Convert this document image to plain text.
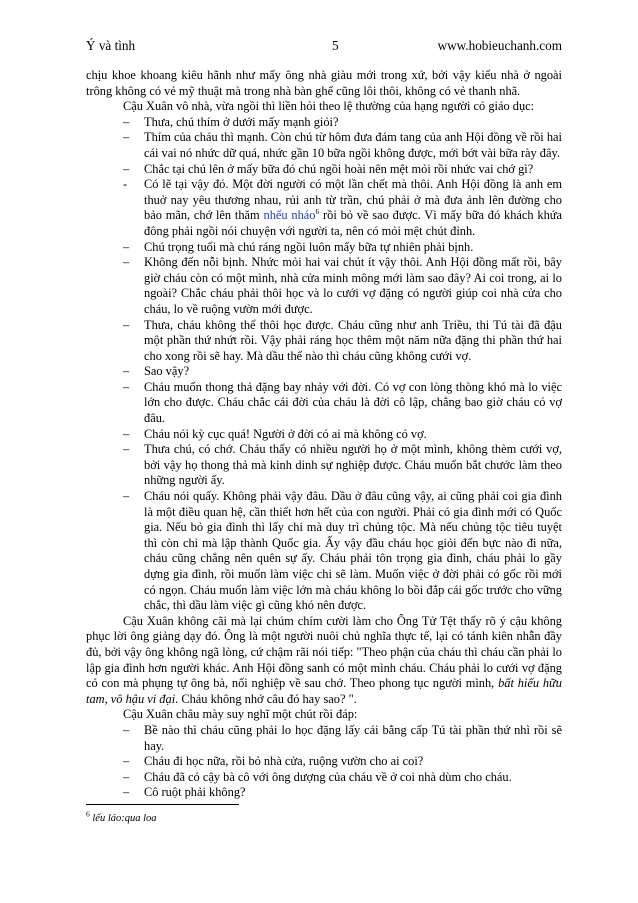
Ý và tình	5	www.hobieuchanh.com

chịu khoe khoang kiêu hãnh như mấy ông nhà giàu mới trong xứ, bởi vậy kiểu nhà ở ngoài trông không có vẻ mỹ thuật mà trong nhà bàn ghế cũng lôi thôi, không có vẻ thanh nhã.

Cậu Xuân vô nhà, vừa ngồi thì liền hỏi theo lệ thường của hạng người có giáo dục:

– Thưa, chú thím ở dưới mấy mạnh giỏi?
– Thím của cháu thì mạnh. Còn chú từ hôm đưa đám tang của anh Hội đồng về rồi hai cái vai nó nhức dữ quá, nhức gần 10 bữa ngồi không được, mới bớt vài bữa rày đây.
– Chắc tại chú lên ở mấy bữa đó chú ngồi hoài nên mệt mỏi rồi nhức vai chớ gì?
- Có lẽ tại vậy đó. Một đời người có một lần chết mà thôi. Anh Hội đồng là anh em thuở nay yêu thương nhau, rủi anh từ trần, chú phải ở mà đưa ảnh lên đường cho bảo mãn, chớ lên thăm nhếu nháo$^6$ rồi bỏ về sao được. Vì mấy bữa đó khách khứa đông phải ngồi nói chuyện với người ta, nên có mỏi mệt chút đỉnh.
– Chú trọng tuổi mà chú ráng ngồi luôn mấy bữa tự nhiên phải bịnh.
– Không đến nỗi bịnh. Nhức mỏi hai vai chút ít vậy thôi. Anh Hội đồng mất rồi, bây giờ cháu còn có một mình, nhà cửa minh mông mới làm sao đây? Ai coi trong, ai lo ngoài? Chắc cháu phải thôi học và lo cưới vợ đặng có người giúp coi nhà cửa cho cháu, lo về ruộng vườn mới được.
– Thưa, cháu không thể thôi học được. Cháu cũng như anh Triều, thi Tú tài đã đậu một phần thứ nhứt rồi. Vậy phải ráng học thêm một năm nữa đặng thi phần thứ hai cho xong rồi sẽ hay. Mà dầu thế nào thì cháu cũng không cưới vợ.
– Sao vậy?
– Cháu muốn thong thả đặng bay nhảy với đời. Có vợ con lòng thòng khó mà lo việc lớn cho được. Cháu chắc cái đời của cháu là đời cô lập, chẳng bao giờ cháu có vợ đâu.
– Cháu nói kỳ cục quá! Người ở đời có ai mà không có vợ.
– Thưa chú, có chớ. Cháu thấy có nhiều người họ ở một mình, không thèm cưới vợ, bởi vậy họ thong thả mà kinh dinh sự nghiệp được. Cháu muốn bắt chước làm theo những người ấy.
– Cháu nói quấy. Không phải vậy đâu. Dầu ở đâu cũng vậy, ai cũng phải coi gia đình là một điều quan hệ, cần thiết hơn hết của con người. Phải có gia đình mới có Quốc gia. Nếu bỏ gia đình thì lấy chi mà duy trì chủng tộc. Mà nếu chủng tộc tiêu tuyệt thì còn chi mà lập thành Quốc gia. Ấy vậy đầu cháu học giỏi đến bực nào đi nữa, cháu cũng chẳng nên quên sự ấy. Cháu phải tôn trọng gia đình, cháu phải lo gầy dựng gia đình, rồi muốn làm việc chi sẽ làm. Muốn việc ở đời phải có gốc rồi mới có ngọn. Cháu muốn làm việc lớn mà cháu không lo bồi đắp cái gốc trước cho vững chắc, thì dầu làm việc gì cũng khó nên được.

Cậu Xuân không cãi mà lại chúm chím cười làm cho Ông Tử Tệt thấy rõ ý cậu không phục lời ông giảng dạy đó. Ông là một người nuôi chủ nghĩa thực tế, lại có tánh kiên nhẫn đầy đủ, bởi vậy ông không ngã lòng, cứ chậm rãi nói tiếp: "Theo phận của cháu thì cháu cần phải lo lập gia đình hơn người khác. Anh Hội đồng sanh có một mình cháu. Cháu phải lo cưới vợ đặng có con mà phụng tự ông bà, nối nghiệp về sau chớ. Theo phong tục người mình, bất hiếu hữu tam, vô hậu vi đại. Cháu không nhớ câu đó hay sao? ".

Cậu Xuân châu mày suy nghĩ một chút rồi đáp:

– Bề nào thì cháu cũng phải lo học đặng lấy cái bằng cấp Tú tài phần thứ nhì rồi sẽ hay.
– Cháu đi học nữa, rồi bỏ nhà cửa, ruộng vườn cho ai coi?
– Cháu đã có cậy bà cô với ông dượng của cháu về ở coi nhà dùm cho cháu.
– Cô ruột phải không?
$^6$ lếu láo:qua loa
